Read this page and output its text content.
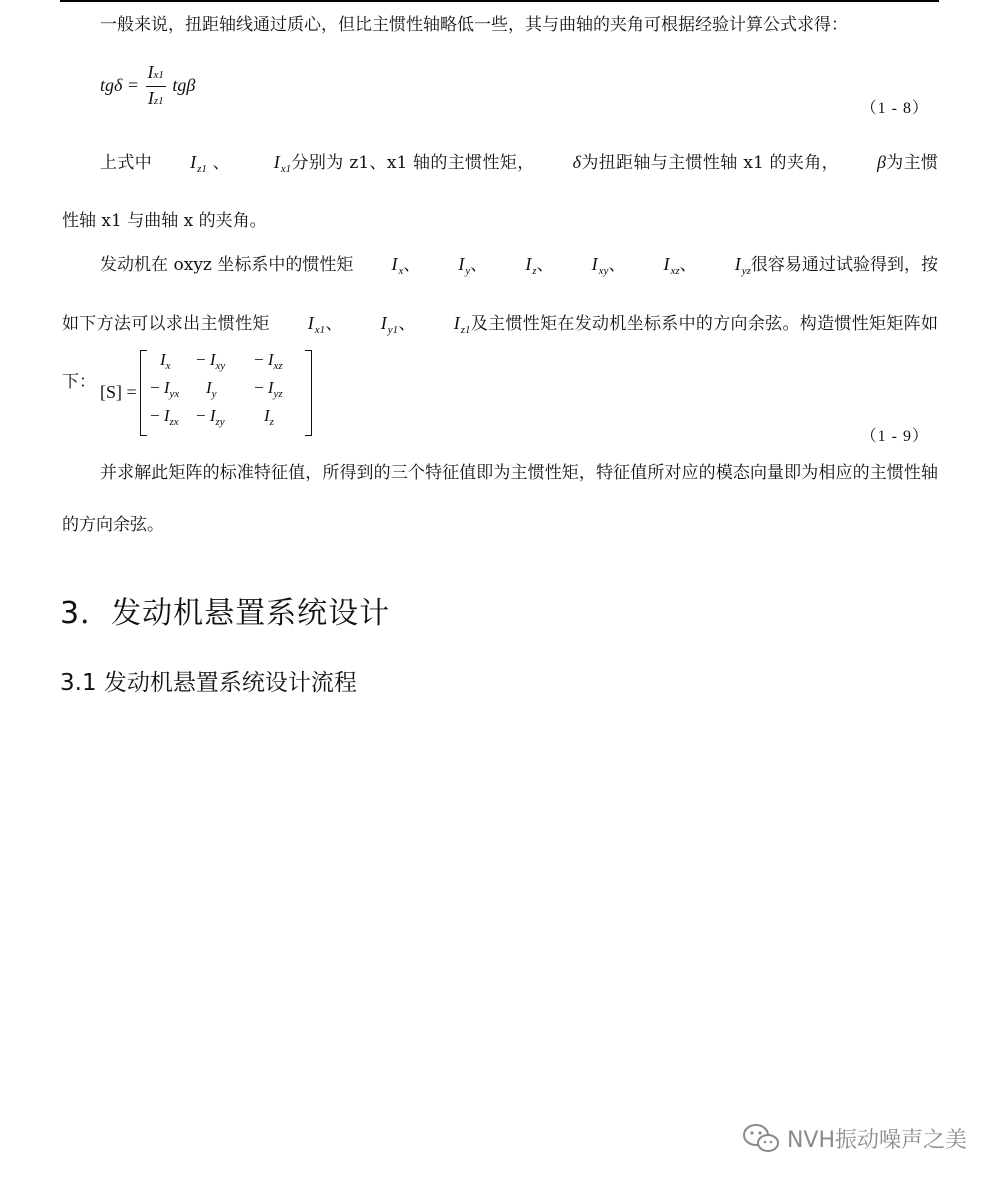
一般来说，扭距轴线通过质心，但比主惯性轴略低一些，其与曲轴的夹角可根据经验计算公式求得：

$tg\delta = \frac{Ix1}{Iz1}$ tgβ
（1 - 8）

上式中 $I_{z1}$ 、 $I_{x1}$分别为 z1、x1 轴的主惯性矩， δ为扭距轴与主惯性轴 x1 的夹角， β为主惯性轴 x1 与曲轴 x 的夹角。

发动机在 oxyz 坐标系中的惯性矩 $I_x$、 $I_y$、 $I_z$、 $I_{xy}$、 $I_{xz}$、 $I_{yz}$很容易通过试验得到，按如下方法可以求出主惯性矩 $I_{x1}$、 $I_{y1}$、 $I_{z1}$及主惯性矩在发动机坐标系中的方向余弦。构造惯性矩矩阵如下： [S] =
$I_x - I_{xy} - I_{xz}$
− $I_{yx}$ $I_y - I_{yz}$
− $I_{zx} - I_{zy}$ $I_z$
（1 - 9）

并求解此矩阵的标准特征值，所得到的三个特征值即为主惯性矩，特征值所对应的模态向量即为相应的主惯性轴的方向余弦。

3．发动机悬置系统设计
3.1 发动机悬置系统设计流程
NVH振动噪声之美
